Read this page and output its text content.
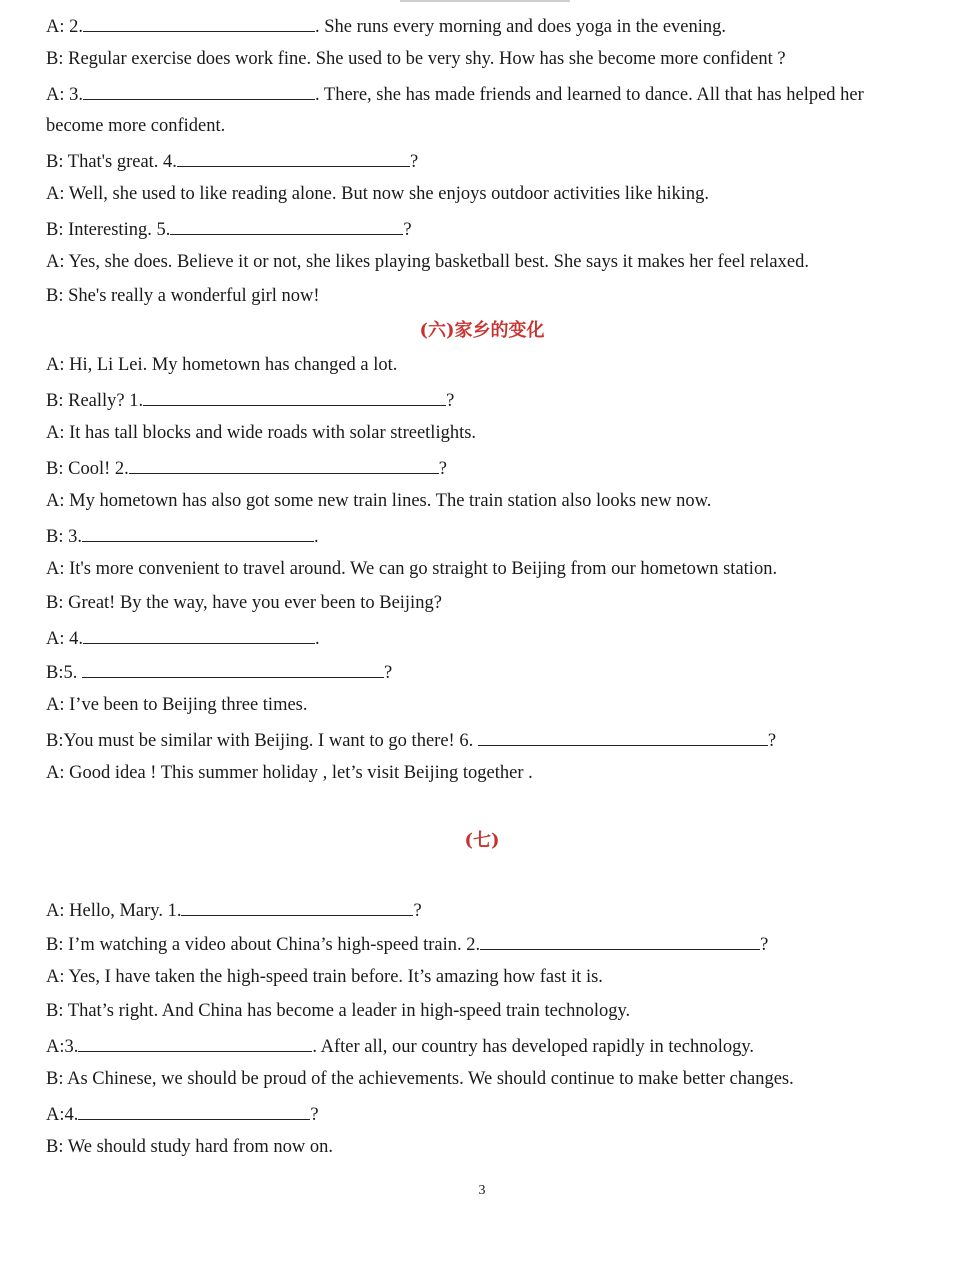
A: 2.	. She runs every morning and does yoga in the evening.
B: Regular exercise does work fine. She used to be very shy. How has she become more confident ?
A: 3.	. There, she has made friends and learned to dance. All that has helped her
become more confident.
B: That's great. 4.	?
A: Well, she used to like reading alone. But now she enjoys outdoor activities like hiking.
B: Interesting. 5.	?
A: Yes, she does. Believe it or not, she likes playing basketball best. She says it makes her feel relaxed.
B: She's really a wonderful girl now!
(六)家乡的变化
A: Hi, Li Lei. My hometown has changed a lot.
B: Really? 1.	?
A: It has tall blocks and wide roads with solar streetlights.
B: Cool! 2.	?
A: My hometown has also got some new train lines. The train station also looks new now.
B: 3.	.
A: It's more convenient to travel around. We can go straight to Beijing from our hometown station.
B: Great! By the way, have you ever been to Beijing?
A: 4.	.
B:5.	?
A: I’ve been to Beijing three times.
B:You must be similar with Beijing. I want to go there! 6.	?
A: Good idea ! This summer holiday , let’s visit Beijing together .
(七)
A: Hello, Mary. 1.	?
B: I’m watching a video about China’s high-speed train. 2.	?
A: Yes, I have taken the high-speed train before. It’s amazing how fast it is.
B: That’s right. And China has become a leader in high-speed train technology.
A:3.	. After all, our country has developed rapidly in technology.
B: As Chinese, we should be proud of the achievements. We should continue to make better changes.
A:4.	?
B: We should study hard from now on.
3
